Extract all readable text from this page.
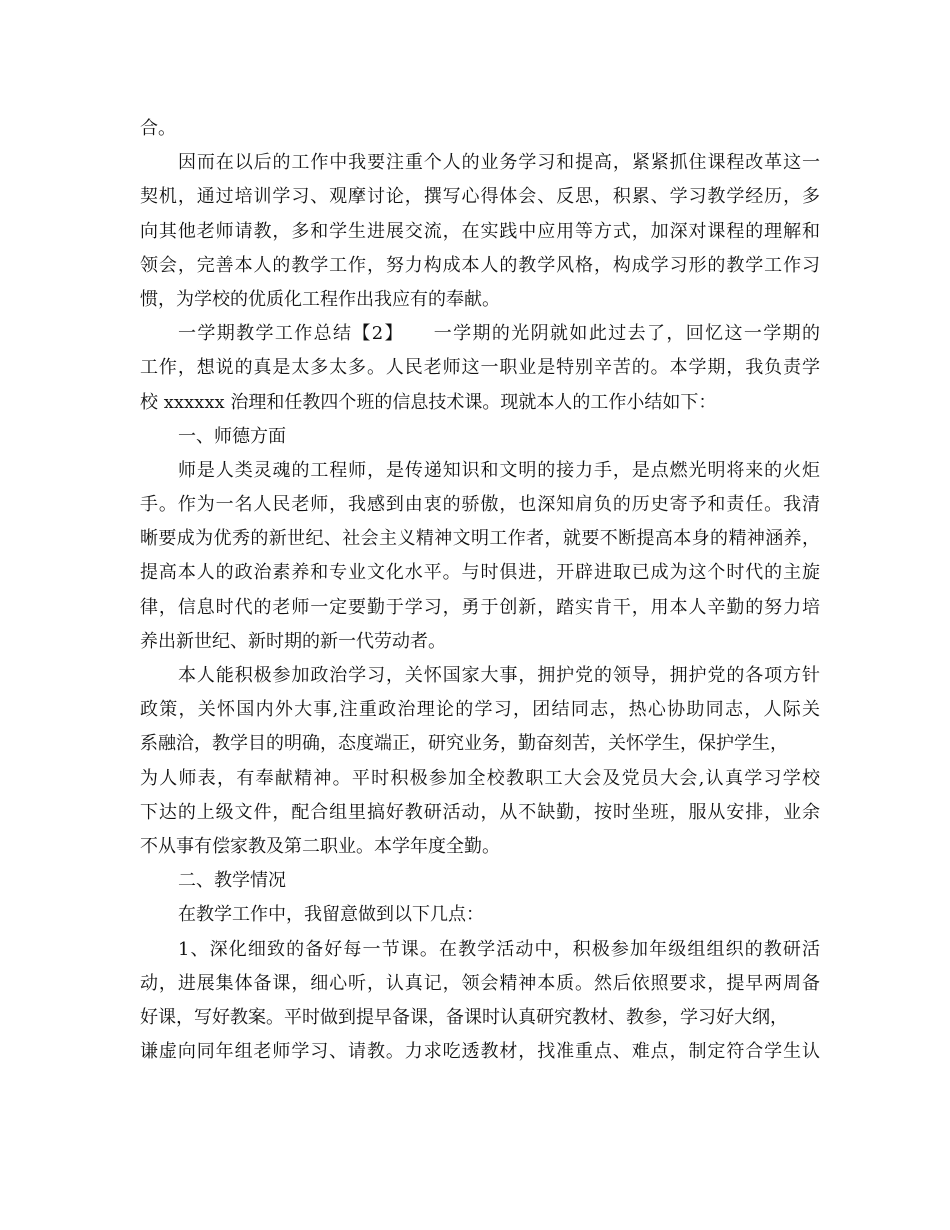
合。
因而在以后的工作中我要注重个人的业务学习和提高，紧紧抓住课程改革这一
契机，通过培训学习、观摩讨论，撰写心得体会、反思，积累、学习教学经历，多
向其他老师请教，多和学生进展交流，在实践中应用等方式，加深对课程的理解和
领会，完善本人的教学工作，努力构成本人的教学风格，构成学习形的教学工作习
惯，为学校的优质化工程作出我应有的奉献。
一学期教学工作总结【2】　　一学期的光阴就如此过去了，回忆这一学期的
工作，想说的真是太多太多。人民老师这一职业是特别辛苦的。本学期，我负责学
校 xxxxxx 治理和任教四个班的信息技术课。现就本人的工作小结如下：
一、师德方面
师是人类灵魂的工程师，是传递知识和文明的接力手，是点燃光明将来的火炬
手。作为一名人民老师，我感到由衷的骄傲，也深知肩负的历史寄予和责任。我清
晰要成为优秀的新世纪、社会主义精神文明工作者，就要不断提高本身的精神涵养，
提高本人的政治素养和专业文化水平。与时俱进，开辟进取已成为这个时代的主旋
律，信息时代的老师一定要勤于学习，勇于创新，踏实肯干，用本人辛勤的努力培
养出新世纪、新时期的新一代劳动者。
本人能积极参加政治学习，关怀国家大事，拥护党的领导，拥护党的各项方针
政策，关怀国内外大事,注重政治理论的学习，团结同志，热心协助同志，人际关
系融洽，教学目的明确，态度端正，研究业务，勤奋刻苦，关怀学生，保护学生，
为人师表，有奉献精神。平时积极参加全校教职工大会及党员大会,认真学习学校
下达的上级文件，配合组里搞好教研活动，从不缺勤，按时坐班，服从安排，业余
不从事有偿家教及第二职业。本学年度全勤。
二、教学情况
在教学工作中，我留意做到以下几点：
1、深化细致的备好每一节课。在教学活动中，积极参加年级组组织的教研活
动，进展集体备课，细心听，认真记，领会精神本质。然后依照要求，提早两周备
好课，写好教案。平时做到提早备课，备课时认真研究教材、教参，学习好大纲，
谦虚向同年组老师学习、请教。力求吃透教材，找准重点、难点，制定符合学生认
